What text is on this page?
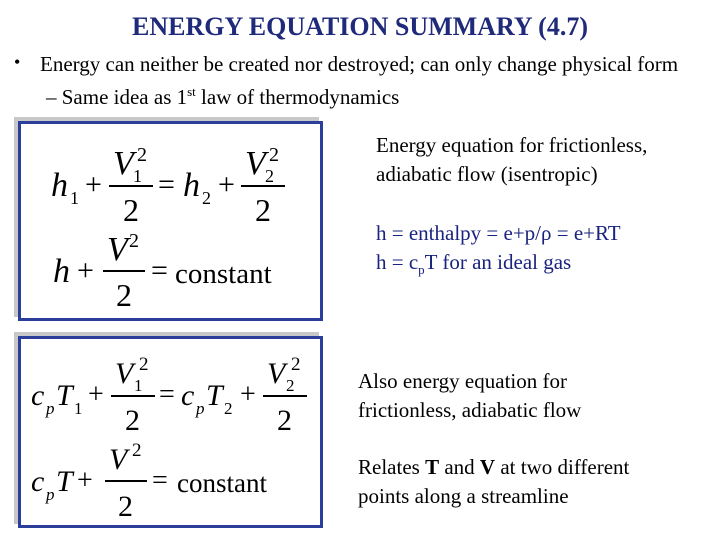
ENERGY EQUATION SUMMARY (4.7)
• Energy can neither be created nor destroyed; can only change physical form
– Same idea as 1st law of thermodynamics
h 1 +
V 2
1
2
= h 2 +
V 2
2
2
h +
V 2
2
= constant
c p T 1 +
V 2
1
2
= c p T 2 +
V 2
2
2
c p T +
V 2
2
= constant
Energy equation for frictionless,
adiabatic flow (isentropic)
h = enthalpy = e+p/ρ = e+RT
$h = c_pT$ for an ideal gas
Also energy equation for
frictionless, adiabatic flow
Relates T and V at two different
points along a streamline
